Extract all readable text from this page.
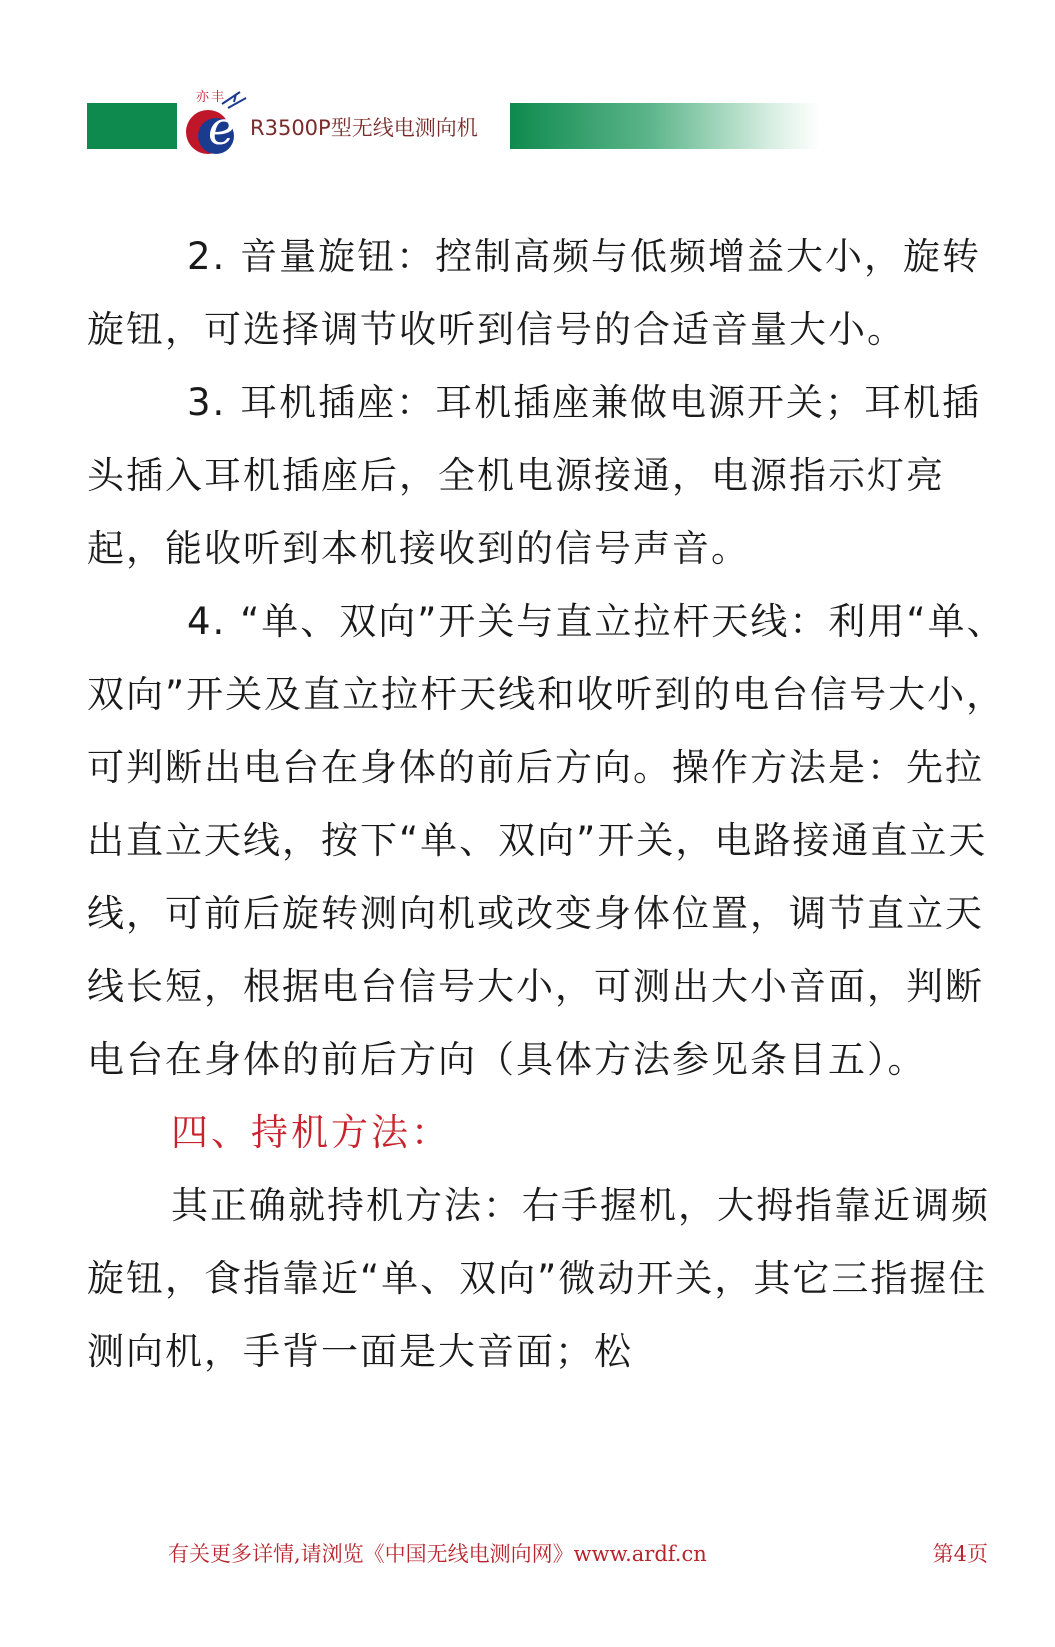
e
亦丰
R3500P型无线电测向机

2. 音量旋钮：控制高频与低频增益大小，旋转旋钮，可选择调节收听到信号的合适音量大小。

3. 耳机插座：耳机插座兼做电源开关；耳机插头插入耳机插座后，全机电源接通，电源指示灯亮起，能收听到本机接收到的信号声音。

4. “单、双向”开关与直立拉杆天线：利用“单、双向”开关及直立拉杆天线和收听到的电台信号大小，可判断出电台在身体的前后方向。操作方法是：先拉出直立天线，按下“单、双向”开关，电路接通直立天线，可前后旋转测向机或改变身体位置，调节直立天线长短，根据电台信号大小，可测出大小音面，判断电台在身体的前后方向（具体方法参见条目五）。

四、持机方法：

其正确就持机方法：右手握机，大拇指靠近调频旋钮，食指靠近“单、双向”微动开关，其它三指握住测向机，手背一面是大音面；松

有关更多详情,请浏览《中国无线电测向网》www.ardf.cn	第4页
